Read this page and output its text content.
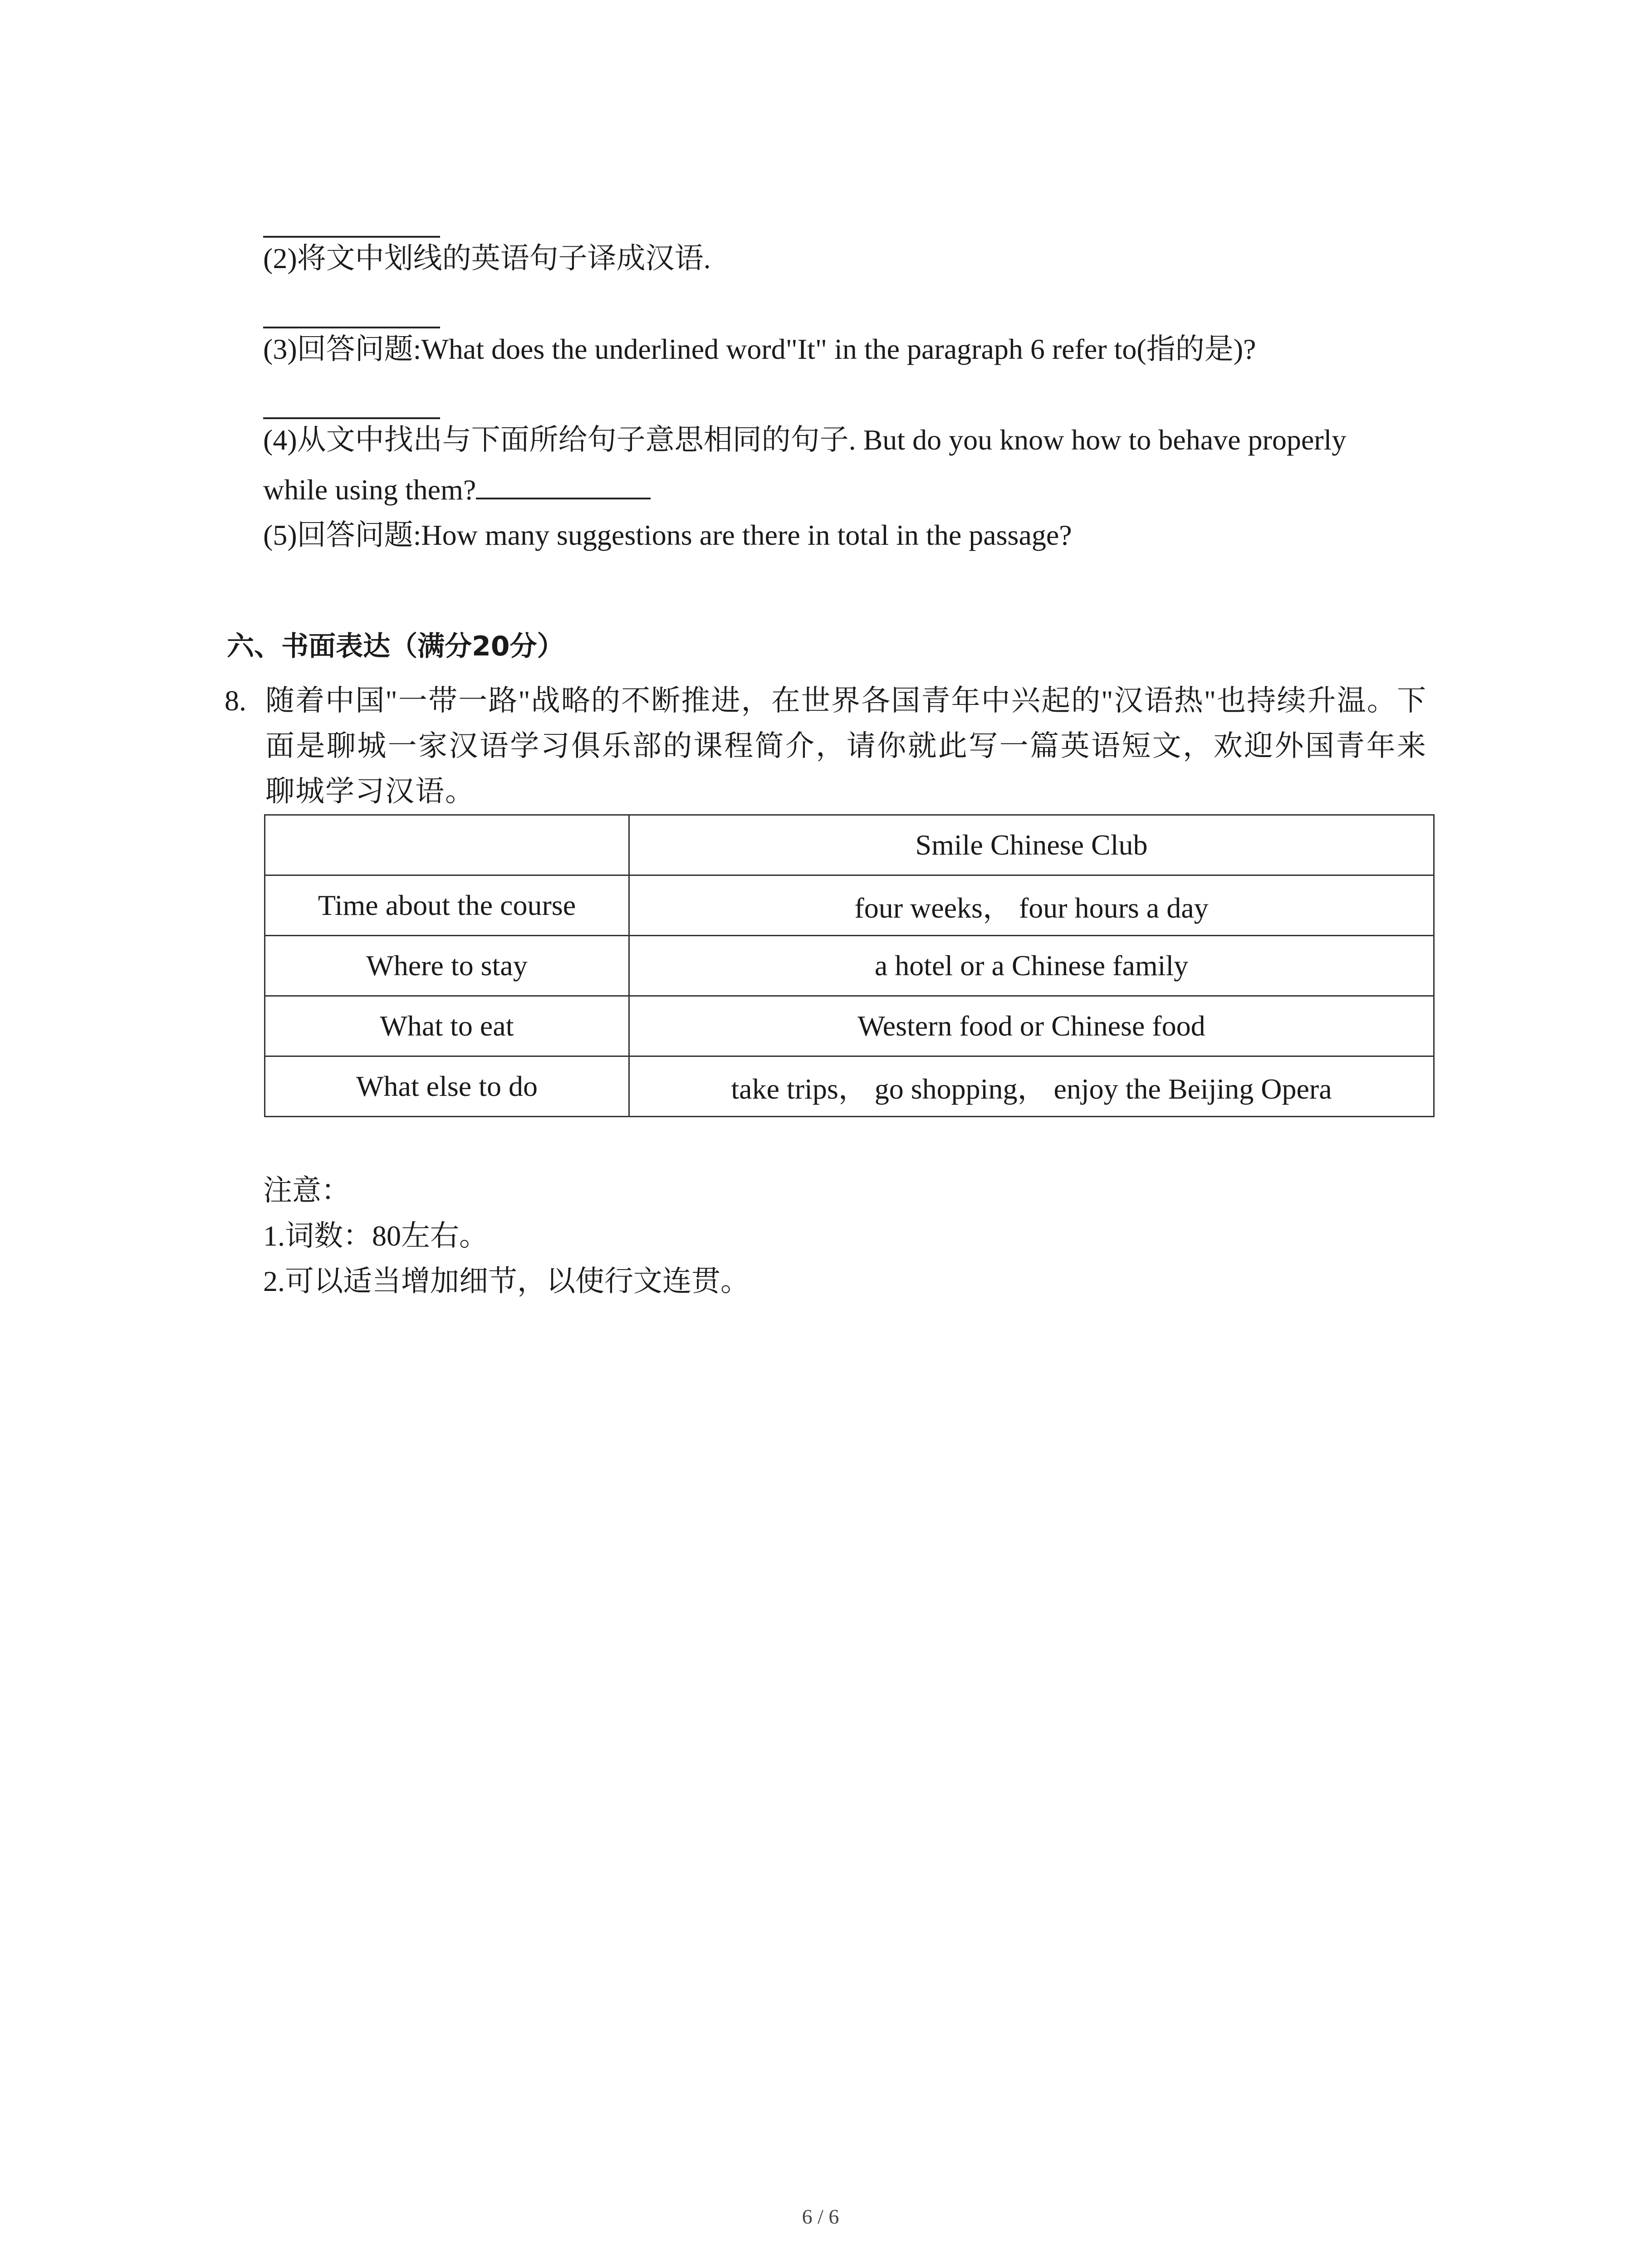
(2)将文中划线的英语句子译成汉语.
(3)回答问题:What does the underlined word"It" in the paragraph 6 refer to(指的是)?
(4)从文中找出与下面所给句子意思相同的句子. But do you know how to behave properly
while using them?
(5)回答问题:How many suggestions are there in total in the passage?
六、书面表达（满分20分）
8. 随着中国"一带一路"战略的不断推进，在世界各国青年中兴起的"汉语热"也持续升温。下面是聊城一家汉语学习俱乐部的课程简介，请你就此写一篇英语短文，欢迎外国青年来聊城学习汉语。
	Smile Chinese Club
Time about the course	four weeks， four hours a day
Where to stay	a hotel or a Chinese family
What to eat	Western food or Chinese food
What else to do	take trips， go shopping， enjoy the Beijing Opera
注意：
1.词数：80左右。
2.可以适当增加细节，以使行文连贯。
6 / 6
